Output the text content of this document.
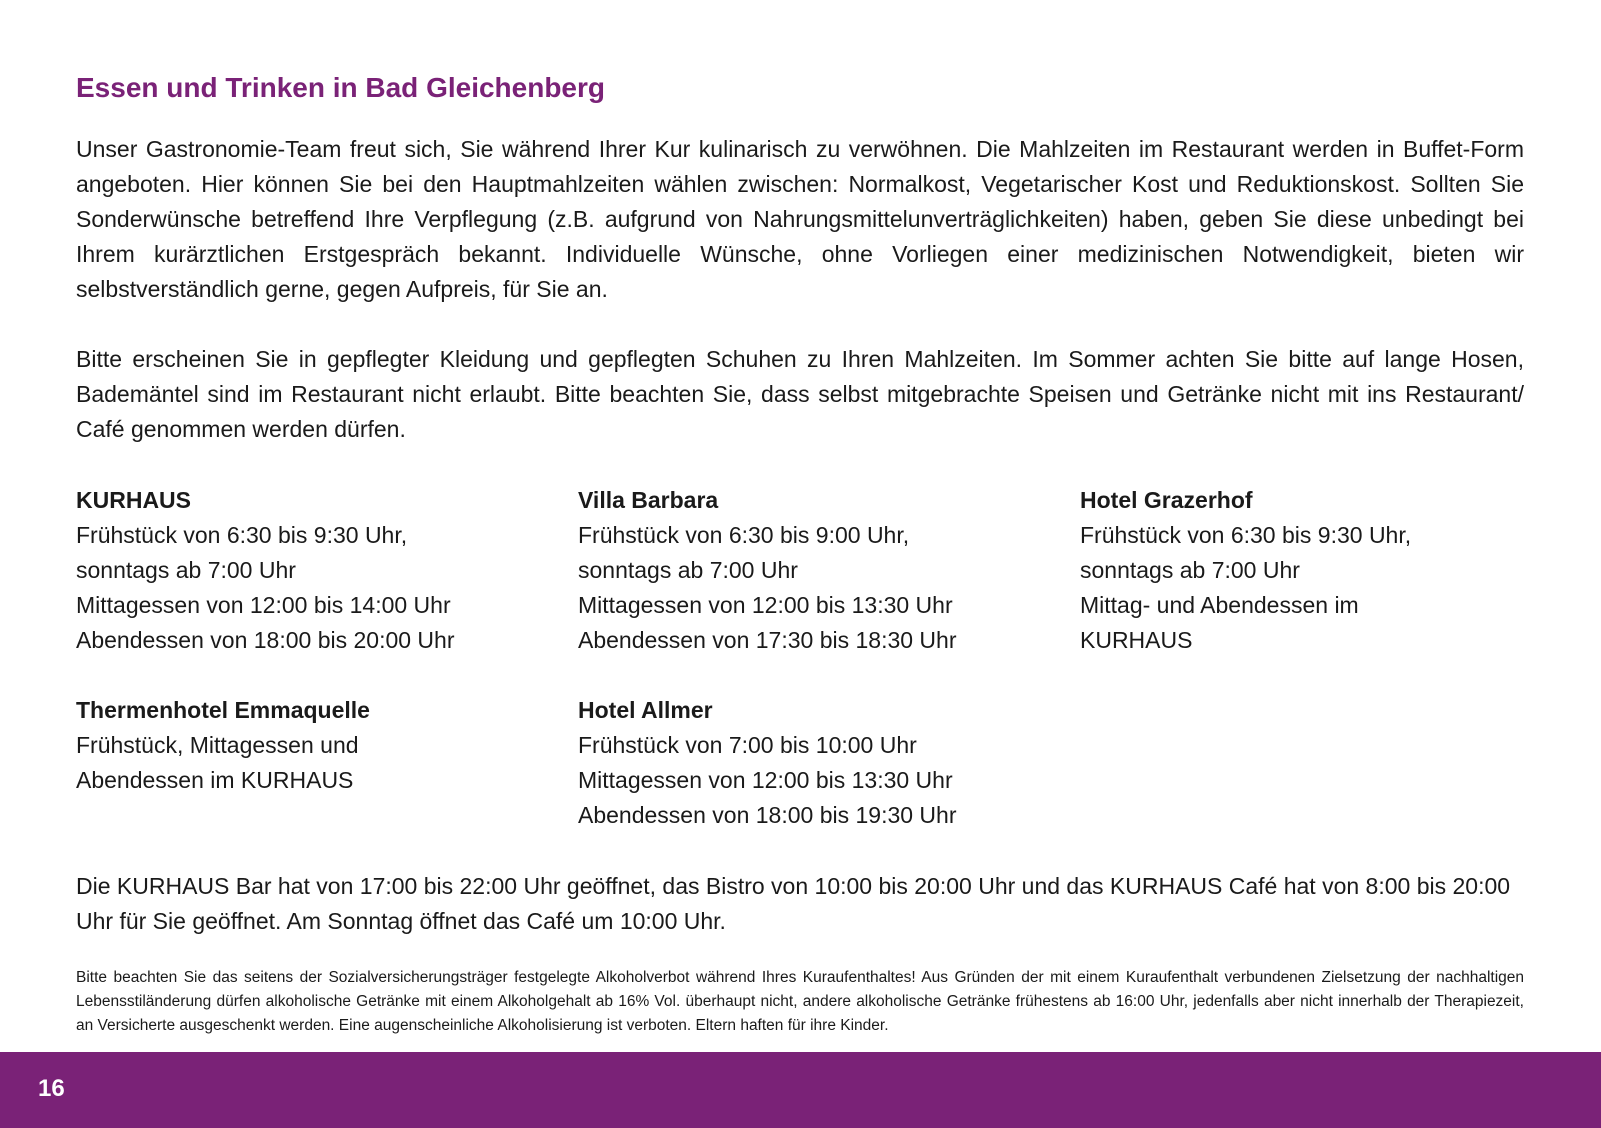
Essen und Trinken in Bad Gleichenberg

Unser Gastronomie-Team freut sich, Sie während Ihrer Kur kulinarisch zu verwöhnen. Die Mahlzeiten im Restaurant werden in Buffet-Form angeboten. Hier können Sie bei den Hauptmahlzeiten wählen zwischen: Normalkost, Vegetarischer Kost und Reduktionskost. Sollten Sie Sonderwünsche betreffend Ihre Verpflegung (z.B. aufgrund von Nahrungsmittelunverträglichkeiten) haben, geben Sie diese unbedingt bei Ihrem kurärztlichen Erstgespräch bekannt. Individuelle Wünsche, ohne Vorliegen einer medizinischen Notwendigkeit, bieten wir selbstverständlich gerne, gegen Aufpreis, für Sie an.

Bitte erscheinen Sie in gepflegter Kleidung und gepflegten Schuhen zu Ihren Mahlzeiten. Im Sommer achten Sie bitte auf lange Hosen, Bademäntel sind im Restaurant nicht erlaubt. Bitte beachten Sie, dass selbst mitgebrachte Speisen und Getränke nicht mit ins Restaurant/ Café genommen werden dürfen.

KURHAUS
Frühstück von 6:30 bis 9:30 Uhr,
sonntags ab 7:00 Uhr
Mittagessen von 12:00 bis 14:00 Uhr
Abendessen von 18:00 bis 20:00 Uhr
Villa Barbara
Frühstück von 6:30 bis 9:00 Uhr,
sonntags ab 7:00 Uhr
Mittagessen von 12:00 bis 13:30 Uhr
Abendessen von 17:30 bis 18:30 Uhr
Hotel Grazerhof
Frühstück von 6:30 bis 9:30 Uhr,
sonntags ab 7:00 Uhr
Mittag- und Abendessen im
KURHAUS
Thermenhotel Emmaquelle
Frühstück, Mittagessen und
Abendessen im KURHAUS
Hotel Allmer
Frühstück von 7:00 bis 10:00 Uhr
Mittagessen von 12:00 bis 13:30 Uhr
Abendessen von 18:00 bis 19:30 Uhr

Die KURHAUS Bar hat von 17:00 bis 22:00 Uhr geöffnet, das Bistro von 10:00 bis 20:00 Uhr und das KURHAUS Café hat von 8:00 bis 20:00 Uhr für Sie geöffnet. Am Sonntag öffnet das Café um 10:00 Uhr.

Bitte beachten Sie das seitens der Sozialversicherungsträger festgelegte Alkoholverbot während Ihres Kuraufenthaltes! Aus Gründen der mit einem Kuraufenthalt verbundenen Zielsetzung der nachhaltigen Lebensstiländerung dürfen alkoholische Getränke mit einem Alkoholgehalt ab 16% Vol. überhaupt nicht, andere alkoholische Getränke frühestens ab 16:00 Uhr, jedenfalls aber nicht innerhalb der Therapiezeit, an Versicherte ausgeschenkt werden. Eine augenscheinliche Alkoholisierung ist verboten. Eltern haften für ihre Kinder.

16
